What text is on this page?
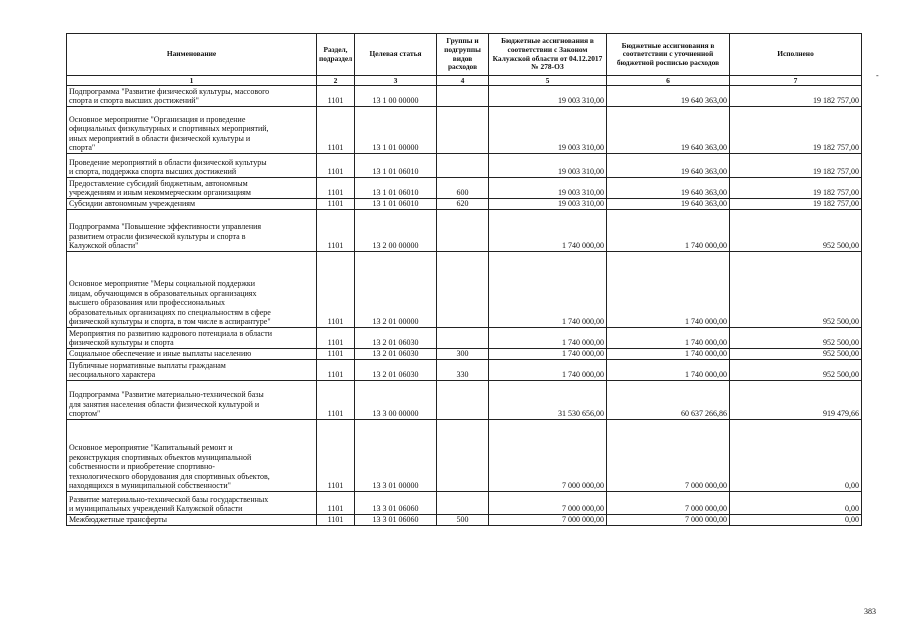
Наименование	Раздел, подраздел	Целевая статья	Группы и подгруппы видов расходов	Бюджетные ассигнования в соответствии с Законом Калужской области от 04.12.2017 № 278-ОЗ	Бюджетные ассигнования в соответствии с уточненной бюджетной росписью расходов	Исполнено
1	2	3	4	5	6	7
Подпрограмма "Развитие физической культуры, массового
спорта и спорта высших достижений"	1101	13 1 00 00000		19 003 310,00	19 640 363,00	19 182 757,00
Основное мероприятие "Организация и проведение
официальных физкультурных и спортивных мероприятий,
иных мероприятий в области физической культуры и
спорта"	1101	13 1 01 00000		19 003 310,00	19 640 363,00	19 182 757,00
Проведение мероприятий в области физической культуры
и спорта, поддержка спорта высших достижений	1101	13 1 01 06010		19 003 310,00	19 640 363,00	19 182 757,00
Предоставление субсидий бюджетным, автономным
учреждениям и иным некоммерческим организациям	1101	13 1 01 06010	600	19 003 310,00	19 640 363,00	19 182 757,00
Субсидии автономным учреждениям	1101	13 1 01 06010	620	19 003 310,00	19 640 363,00	19 182 757,00
Подпрограмма "Повышение эффективности управления
развитием отрасли физической культуры и спорта в
Калужской области"	1101	13 2 00 00000		1 740 000,00	1 740 000,00	952 500,00
Основное мероприятие "Меры социальной поддержки
лицам, обучающимся в образовательных организациях
высшего образования или профессиональных
образовательных организациях по специальностям в сфере
физической культуры и спорта, в том числе в аспирантуре"	1101	13 2 01 00000		1 740 000,00	1 740 000,00	952 500,00
Мероприятия по развитию кадрового потенциала в области
физической культуры и спорта	1101	13 2 01 06030		1 740 000,00	1 740 000,00	952 500,00
Социальное обеспечение и иные выплаты населению	1101	13 2 01 06030	300	1 740 000,00	1 740 000,00	952 500,00
Публичные нормативные выплаты гражданам
несоциального характера	1101	13 2 01 06030	330	1 740 000,00	1 740 000,00	952 500,00
Подпрограмма "Развитие материально-технической базы
для занятия населения области физической культурой и
спортом"	1101	13 3 00 00000		31 530 656,00	60 637 266,86	919 479,66
Основное мероприятие "Капитальный ремонт и
реконструкция спортивных объектов муниципальной
собственности и приобретение спортивно-
технологического оборудования для спортивных объектов,
находящихся в муниципальной собственности"	1101	13 3 01 00000		7 000 000,00	7 000 000,00	0,00
Развитие материально-технической базы государственных
и муниципальных учреждений Калужской области	1101	13 3 01 06060		7 000 000,00	7 000 000,00	0,00
Межбюджетные трансферты	1101	13 3 01 06060	500	7 000 000,00	7 000 000,00	0,00
-
383
